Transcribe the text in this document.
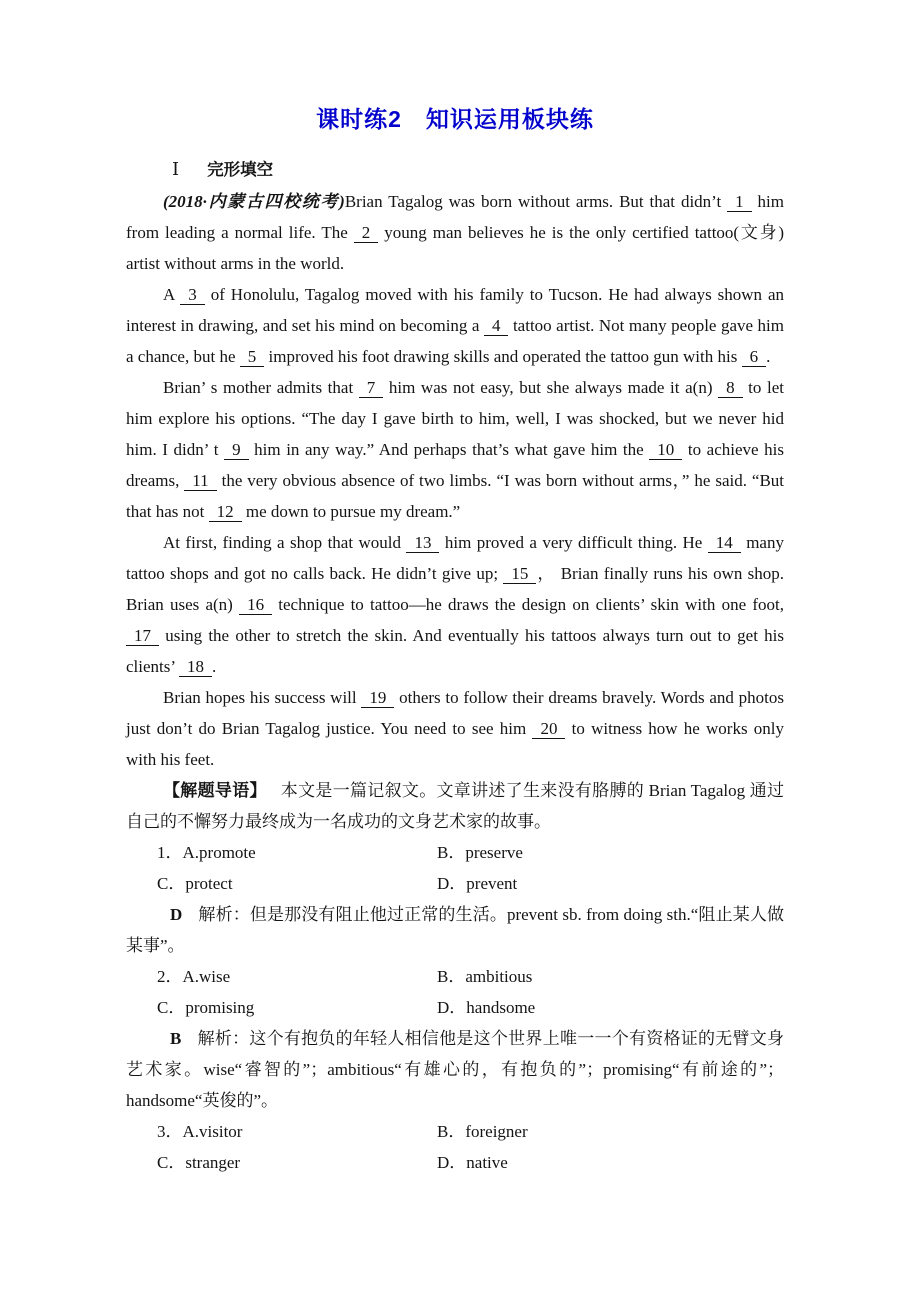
课时练2　知识运用板块练
Ⅰ 完形填空

(2018·内蒙古四校统考)Brian Tagalog was born without arms. But that didn’t 1 him from leading a normal life. The 2 young man believes he is the only certified tattoo(文身) artist without arms in the world.

A 3 of Honolulu, Tagalog moved with his family to Tucson. He had always shown an interest in drawing, and set his mind on becoming a 4 tattoo artist. Not many people gave him a chance, but he 5 improved his foot drawing skills and operated the tattoo gun with his 6 .

Brian’ s mother admits that 7 him was not easy, but she always made it a(n) 8 to let him explore his options. “The day I gave birth to him, well, I was shocked, but we never hid him. I didn’ t 9 him in any way.” And perhaps that’s what gave him the 10 to achieve his dreams, 11 the very obvious absence of two limbs. “I was born without arms，” he said. “But that has not 12 me down to pursue my dream.”

At first, finding a shop that would 13 him proved a very difficult thing. He 14 many tattoo shops and got no calls back. He didn’t give up; 15 ， Brian finally runs his own shop. Brian uses a(n) 16 technique to tattoo—he draws the design on clients’ skin with one foot, 17 using the other to stretch the skin. And eventually his tattoos always turn out to get his clients’ 18 .

Brian hopes his success will 19 others to follow their dreams bravely. Words and photos just don’t do Brian Tagalog justice. You need to see him 20 to witness how he works only with his feet.

【解题导语】 本文是一篇记叙文。文章讲述了生来没有胳膊的 Brian Tagalog 通过自己的不懈努力最终成为一名成功的文身艺术家的故事。

1．A.promote	B．preserve
C．protect	D．prevent

D 解析：但是那没有阻止他过正常的生活。prevent sb. from doing sth.“阻止某人做某事”。

2．A.wise	B．ambitious
C．promising	D．handsome

B 解析：这个有抱负的年轻人相信他是这个世界上唯一一个有资格证的无臂文身艺术家。wise“睿智的”；ambitious“有雄心的，有抱负的”；promising“有前途的”；handsome“英俊的”。

3．A.visitor	B．foreigner
C．stranger	D．native
